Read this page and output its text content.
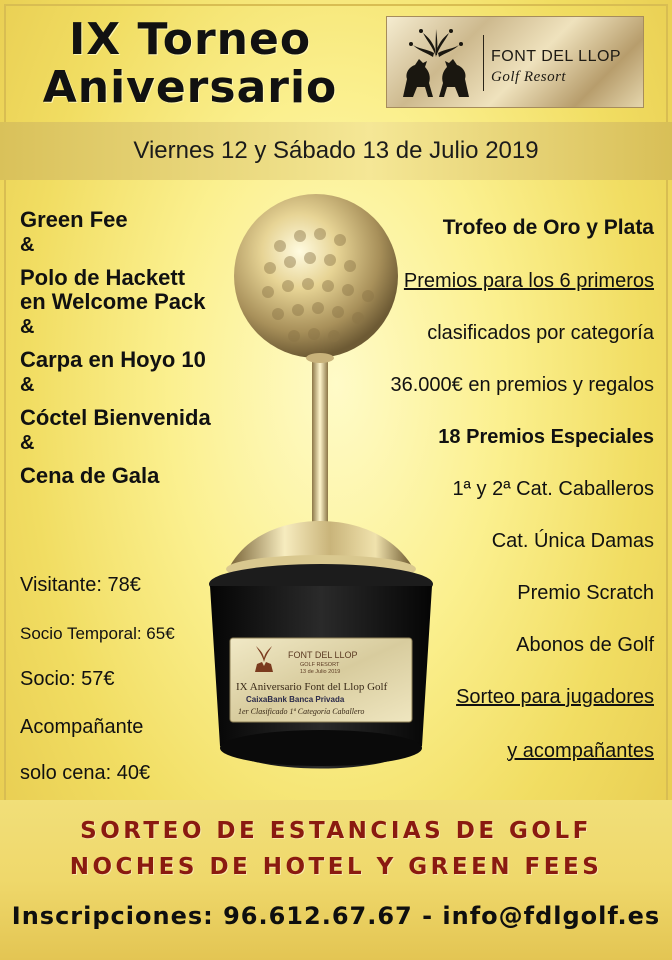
IX Torneo
Aniversario
FONT DEL LLOP
Golf Resort
Viernes 12 y Sábado 13 de Julio 2019
FONT DEL LLOP
GOLF RESORT
13 de Julio 2019
IX Aniversario Font del Llop Golf
CaixaBank Banca Privada
1er Clasificado 1ª Categoría Caballero
Green Fee
&
Polo de Hackett
en Welcome Pack
&
Carpa en Hoyo 10
&
Cóctel Bienvenida
&
Cena de Gala
Visitante: 78€
Socio Temporal: 65€
Socio: 57€
Acompañante
solo cena: 40€
Trofeo de Oro y Plata
Premios para los 6 primeros
clasificados por categoría
36.000€ en premios y regalos
18 Premios Especiales
1ª y 2ª Cat. Caballeros
Cat. Única Damas
Premio Scratch
Abonos de Golf
Sorteo para jugadores
y acompañantes
SORTEO DE ESTANCIAS DE GOLF
NOCHES DE HOTEL Y GREEN FEES
Inscripciones: 96.612.67.67 - info@fdlgolf.es
